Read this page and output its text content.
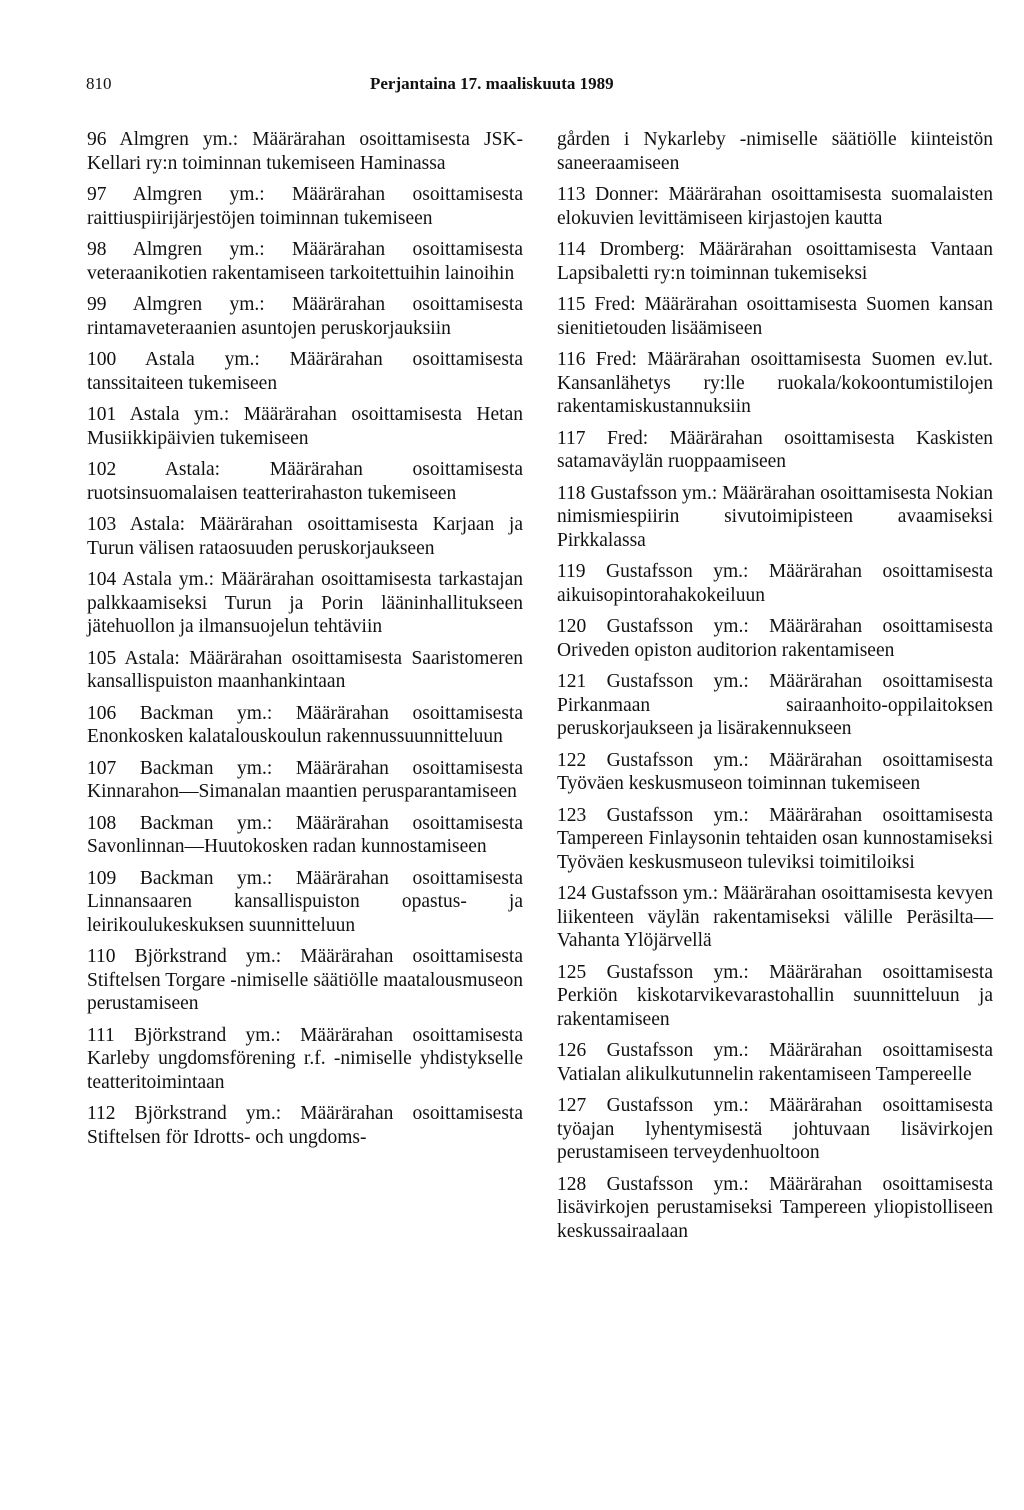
810	Perjantaina 17. maaliskuuta 1989

96 Almgren ym.: Määrärahan osoittamisesta JSK-Kellari ry:n toiminnan tukemiseen Haminassa

97 Almgren ym.: Määrärahan osoittamisesta raittiuspiirijärjestöjen toiminnan tukemiseen

98 Almgren ym.: Määrärahan osoittamisesta veteraanikotien rakentamiseen tarkoitettuihin lainoihin

99 Almgren ym.: Määrärahan osoittamisesta rintamaveteraanien asuntojen peruskorjauksiin

100 Astala ym.: Määrärahan osoittamisesta tanssitaiteen tukemiseen

101 Astala ym.: Määrärahan osoittamisesta Hetan Musiikkipäivien tukemiseen

102 Astala: Määrärahan osoittamisesta ruotsinsuomalaisen teatterirahaston tukemiseen

103 Astala: Määrärahan osoittamisesta Karjaan ja Turun välisen rataosuuden peruskorjaukseen

104 Astala ym.: Määrärahan osoittamisesta tarkastajan palkkaamiseksi Turun ja Porin lääninhallitukseen jätehuollon ja ilmansuojelun tehtäviin

105 Astala: Määrärahan osoittamisesta Saaristomeren kansallispuiston maanhankintaan

106 Backman ym.: Määrärahan osoittamisesta Enonkosken kalatalouskoulun rakennussuunnitteluun

107 Backman ym.: Määrärahan osoittamisesta Kinnarahon—Simanalan maantien perusparantamiseen

108 Backman ym.: Määrärahan osoittamisesta Savonlinnan—Huutokosken radan kunnostamiseen

109 Backman ym.: Määrärahan osoittamisesta Linnansaaren kansallispuiston opastus- ja leirikoulukeskuksen suunnitteluun

110 Björkstrand ym.: Määrärahan osoittamisesta Stiftelsen Torgare -nimiselle säätiölle maatalousmuseon perustamiseen

111 Björkstrand ym.: Määrärahan osoittamisesta Karleby ungdomsförening r.f. -nimiselle yhdistykselle teatteritoimintaan

112 Björkstrand ym.: Määrärahan osoittamisesta Stiftelsen för Idrotts- och ungdoms-

gården i Nykarleby -nimiselle säätiölle kiinteistön saneeraamiseen

113 Donner: Määrärahan osoittamisesta suomalaisten elokuvien levittämiseen kirjastojen kautta

114 Dromberg: Määrärahan osoittamisesta Vantaan Lapsibaletti ry:n toiminnan tukemiseksi

115 Fred: Määrärahan osoittamisesta Suomen kansan sienitietouden lisäämiseen

116 Fred: Määrärahan osoittamisesta Suomen ev.lut. Kansanlähetys ry:lle ruokala/kokoontumistilojen rakentamiskustannuksiin

117 Fred: Määrärahan osoittamisesta Kaskisten satamaväylän ruoppaamiseen

118 Gustafsson ym.: Määrärahan osoittamisesta Nokian nimismiespiirin sivutoimipisteen avaamiseksi Pirkkalassa

119 Gustafsson ym.: Määrärahan osoittamisesta aikuisopintorahakokeiluun

120 Gustafsson ym.: Määrärahan osoittamisesta Oriveden opiston auditorion rakentamiseen

121 Gustafsson ym.: Määrärahan osoittamisesta Pirkanmaan sairaanhoito-oppilaitoksen peruskorjaukseen ja lisärakennukseen

122 Gustafsson ym.: Määrärahan osoittamisesta Työväen keskusmuseon toiminnan tukemiseen

123 Gustafsson ym.: Määrärahan osoittamisesta Tampereen Finlaysonin tehtaiden osan kunnostamiseksi Työväen keskusmuseon tuleviksi toimitiloiksi

124 Gustafsson ym.: Määrärahan osoittamisesta kevyen liikenteen väylän rakentamiseksi välille Peräsilta—Vahanta Ylöjärvellä

125 Gustafsson ym.: Määrärahan osoittamisesta Perkiön kiskotarvikevarastohallin suunnitteluun ja rakentamiseen

126 Gustafsson ym.: Määrärahan osoittamisesta Vatialan alikulkutunnelin rakentamiseen Tampereelle

127 Gustafsson ym.: Määrärahan osoittamisesta työajan lyhentymisestä johtuvaan lisävirkojen perustamiseen terveydenhuoltoon

128 Gustafsson ym.: Määrärahan osoittamisesta lisävirkojen perustamiseksi Tampereen yliopistolliseen keskussairaalaan
